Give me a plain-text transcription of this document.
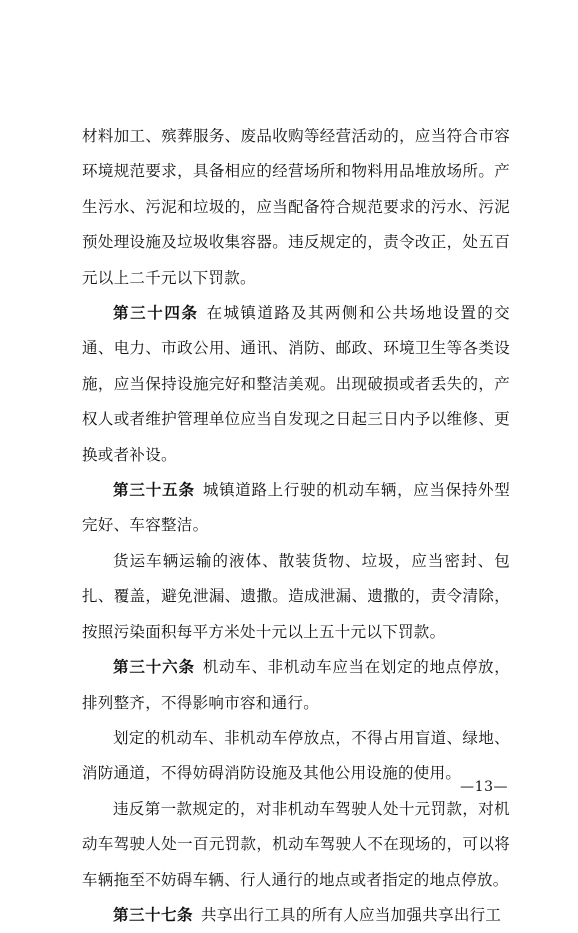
材料加工、殡葬服务、废品收购等经营活动的，应当符合市容环境规范要求，具备相应的经营场所和物料用品堆放场所。产生污水、污泥和垃圾的，应当配备符合规范要求的污水、污泥预处理设施及垃圾收集容器。违反规定的，责令改正，处五百元以上二千元以下罚款。

第三十四条 在城镇道路及其两侧和公共场地设置的交通、电力、市政公用、通讯、消防、邮政、环境卫生等各类设施，应当保持设施完好和整洁美观。出现破损或者丢失的，产权人或者维护管理单位应当自发现之日起三日内予以维修、更换或者补设。

第三十五条 城镇道路上行驶的机动车辆，应当保持外型完好、车容整洁。

货运车辆运输的液体、散装货物、垃圾，应当密封、包扎、覆盖，避免泄漏、遗撒。造成泄漏、遗撒的，责令清除，按照污染面积每平方米处十元以上五十元以下罚款。

第三十六条 机动车、非机动车应当在划定的地点停放，排列整齐，不得影响市容和通行。

划定的机动车、非机动车停放点，不得占用盲道、绿地、消防通道，不得妨碍消防设施及其他公用设施的使用。

违反第一款规定的，对非机动车驾驶人处十元罚款，对机动车驾驶人处一百元罚款，机动车驾驶人不在现场的，可以将车辆拖至不妨碍车辆、行人通行的地点或者指定的地点停放。

第三十七条 共享出行工具的所有人应当加强共享出行工

—13—
